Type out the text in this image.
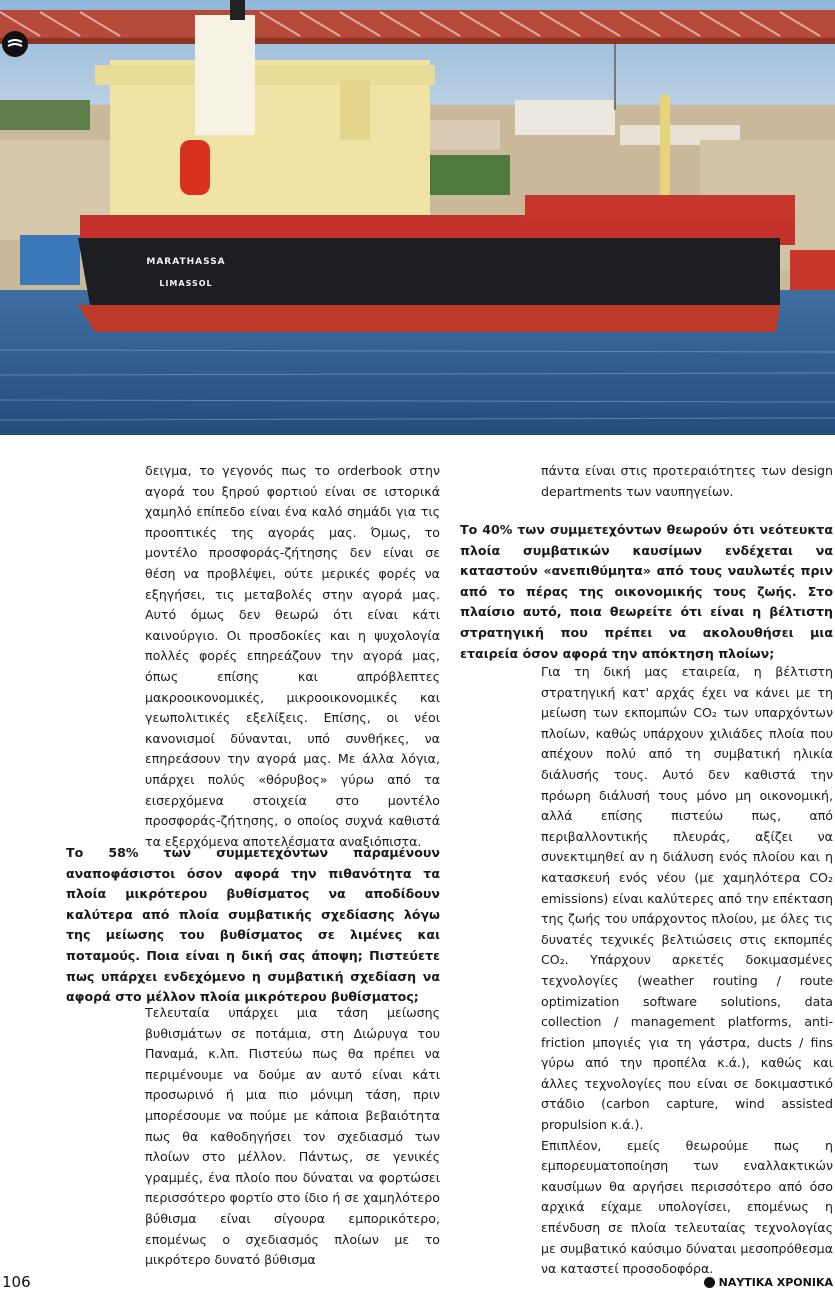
MARATHASSA
LIMASSOL

δειγμα, το γεγονός πως το orderbook στην αγορά του ξηρού φορτιού είναι σε ιστορικά χαμηλό επίπεδο είναι ένα καλό σημάδι για τις προοπτικές της αγοράς μας. Όμως, το μοντέλο προσφοράς-ζήτησης δεν είναι σε θέση να προβλέψει, ούτε μερικές φορές να εξηγήσει, τις μεταβολές στην αγορά μας. Αυτό όμως δεν θεωρώ ότι είναι κάτι καινούργιο. Οι προσδοκίες και η ψυχολογία πολλές φορές επηρεάζουν την αγορά μας, όπως επίσης και απρόβλεπτες μακροοικονομικές, μικροοικονομικές και γεωπολιτικές εξελίξεις. Επίσης, οι νέοι κανονισμοί δύνανται, υπό συνθήκες, να επηρεάσουν την αγορά μας. Με άλλα λόγια, υπάρχει πολύς «θόρυβος» γύρω από τα εισερχόμενα στοιχεία στο μοντέλο προσφοράς-ζήτησης, ο οποίος συχνά καθιστά τα εξερχόμενα αποτελέσματα αναξιόπιστα.

Το 58% των συμμετεχόντων παραμένουν αναποφάσιστοι όσον αφορά την πιθανότητα τα πλοία μικρότερου βυθίσματος να αποδίδουν καλύτερα από πλοία συμβατικής σχεδίασης λόγω της μείωσης του βυθίσματος σε λιμένες και ποταμούς. Ποια είναι η δική σας άποψη; Πιστεύετε πως υπάρχει ενδεχόμενο η συμβατική σχεδίαση να αφορά στο μέλλον πλοία μικρότερου βυθίσματος;

Τελευταία υπάρχει μια τάση μείωσης βυθισμάτων σε ποτάμια, στη Διώρυγα του Παναμά, κ.λπ. Πιστεύω πως θα πρέπει να περιμένουμε να δούμε αν αυτό είναι κάτι προσωρινό ή μια πιο μόνιμη τάση, πριν μπορέσουμε να πούμε με κάποια βεβαιότητα πως θα καθοδηγήσει τον σχεδιασμό των πλοίων στο μέλλον. Πάντως, σε γενικές γραμμές, ένα πλοίο που δύναται να φορτώσει περισσότερο φορτίο στο ίδιο ή σε χαμηλότερο βύθισμα είναι σίγουρα εμπορικότερο, επομένως ο σχεδιασμός πλοίων με το μικρότερο δυνατό βύθισμα

πάντα είναι στις προτεραιότητες των design departments των ναυπηγείων.

Το 40% των συμμετεχόντων θεωρούν ότι νεότευκτα πλοία συμβατικών καυσίμων ενδέχεται να καταστούν «ανεπιθύμητα» από τους ναυλωτές πριν από το πέρας της οικονομικής τους ζωής. Στο πλαίσιο αυτό, ποια θεωρείτε ότι είναι η βέλτιστη στρατηγική που πρέπει να ακολουθήσει μια εταιρεία όσον αφορά την απόκτηση πλοίων;

Για τη δική μας εταιρεία, η βέλτιστη στρατηγική κατ' αρχάς έχει να κάνει με τη μείωση των εκπομπών CO₂ των υπαρχόντων πλοίων, καθώς υπάρχουν χιλιάδες πλοία που απέχουν πολύ από τη συμβατική ηλικία διάλυσής τους. Αυτό δεν καθιστά την πρόωρη διάλυσή τους μόνο μη οικονομική, αλλά επίσης πιστεύω πως, από περιβαλλοντικής πλευράς, αξίζει να συνεκτιμηθεί αν η διάλυση ενός πλοίου και η κατασκευή ενός νέου (με χαμηλότερα CO₂ emissions) είναι καλύτερες από την επέκταση της ζωής του υπάρχοντος πλοίου, με όλες τις δυνατές τεχνικές βελτιώσεις στις εκπομπές CO₂. Υπάρχουν αρκετές δοκιμασμένες τεχνολογίες (weather routing / route optimization software solutions, data collection / management platforms, anti-friction μπογιές για τη γάστρα, ducts / fins γύρω από την προπέλα κ.ά.), καθώς και άλλες τεχνολογίες που είναι σε δοκιμαστικό στάδιο (carbon capture, wind assisted propulsion κ.ά.).

Επιπλέον, εμείς θεωρούμε πως η εμπορευματοποίηση των εναλλακτικών καυσίμων θα αργήσει περισσότερο από όσο αρχικά είχαμε υπολογίσει, επομένως η επένδυση σε πλοία τελευταίας τεχνολογίας με συμβατικό καύσιμο δύναται μεσοπρόθεσμα να καταστεί προσοδοφόρα.

106	ΝΑΥΤΙΚΑ ΧΡΟΝΙΚΑ
